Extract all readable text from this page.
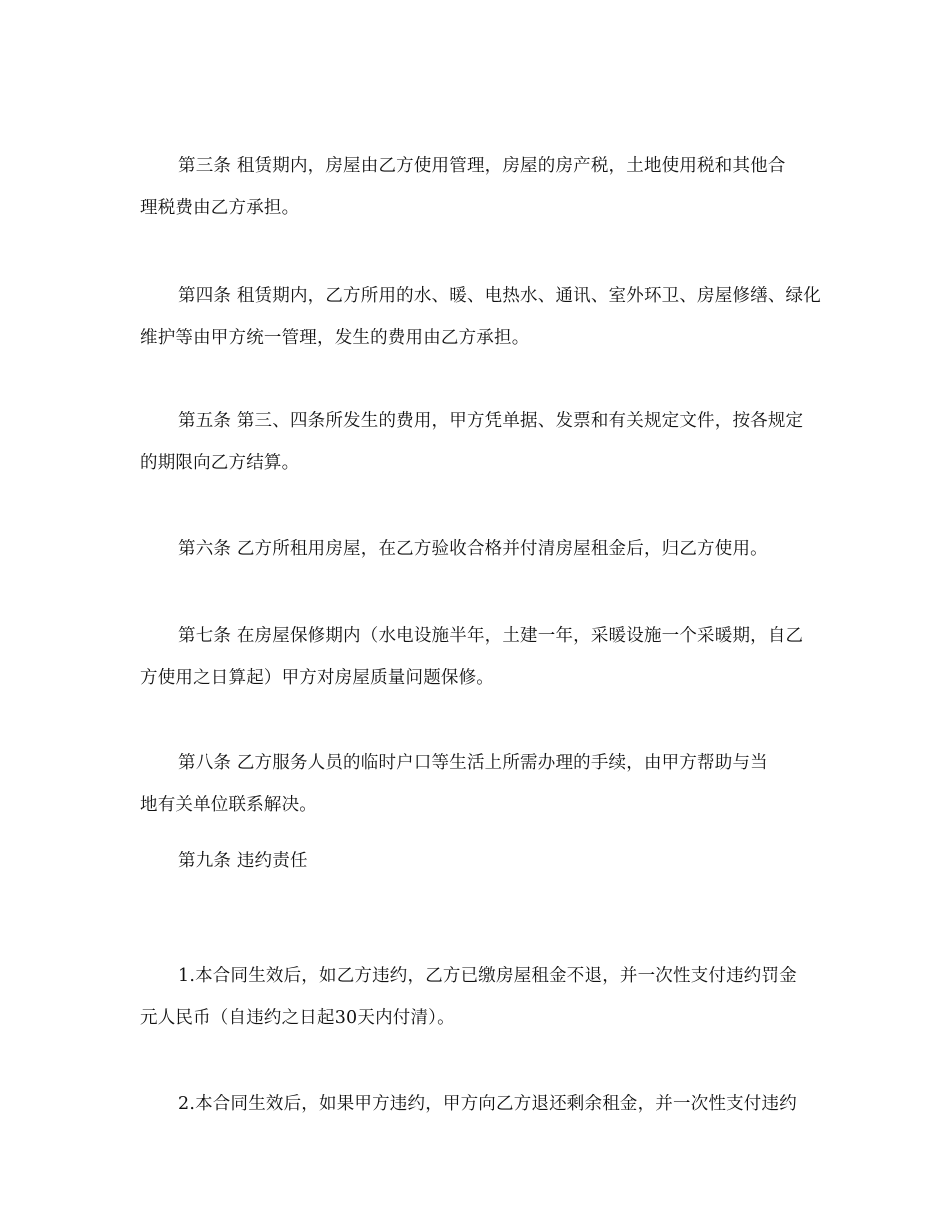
第三条 租赁期内，房屋由乙方使用管理，房屋的房产税，土地使用税和其他合
理税费由乙方承担。

第四条 租赁期内，乙方所用的水、暖、电热水、通讯、室外环卫、房屋修缮、绿化
维护等由甲方统一管理，发生的费用由乙方承担。

第五条 第三、四条所发生的费用，甲方凭单据、发票和有关规定文件，按各规定
的期限向乙方结算。

第六条 乙方所租用房屋，在乙方验收合格并付清房屋租金后，归乙方使用。

第七条 在房屋保修期内（水电设施半年，土建一年，采暖设施一个采暖期，自乙
方使用之日算起）甲方对房屋质量问题保修。

第八条 乙方服务人员的临时户口等生活上所需办理的手续，由甲方帮助与当
地有关单位联系解决。

第九条 违约责任

1.本合同生效后，如乙方违约，乙方已缴房屋租金不退，并一次性支付违约罚金
元人民币（自违约之日起30天内付清）。

2.本合同生效后，如果甲方违约，甲方向乙方退还剩余租金，并一次性支付违约
